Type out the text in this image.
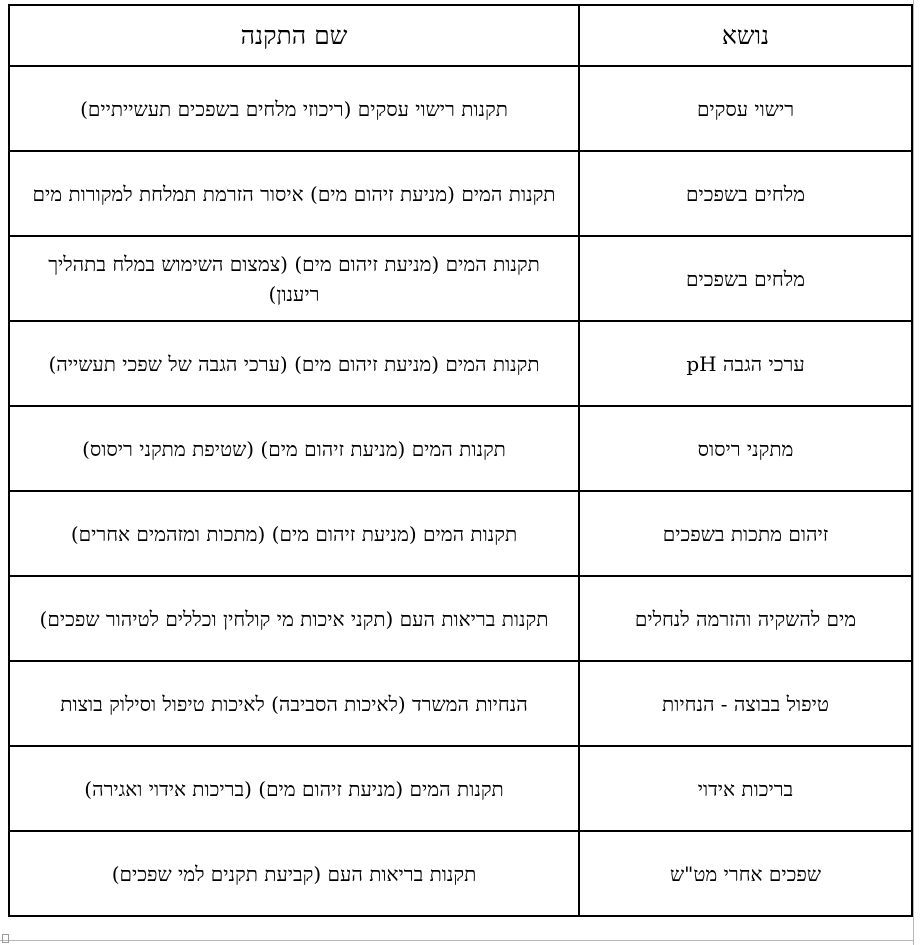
נושא	שם התקנה
רישוי עסקים	תקנות רישוי עסקים (ריכוזי מלחים בשפכים תעשייתיים)
מלחים בשפכים	תקנות המים (מניעת זיהום מים) איסור הזרמת תמלחת למקורות מים
מלחים בשפכים	תקנות המים (מניעת זיהום מים) (צמצום השימוש במלח בתהליך ריענון)
ערכי הגבה pH	תקנות המים (מניעת זיהום מים) (ערכי הגבה של שפכי תעשייה)
מתקני ריסוס	תקנות המים (מניעת זיהום מים) (שטיפת מתקני ריסוס)
זיהום מתכות בשפכים	תקנות המים (מניעת זיהום מים) (מתכות ומזהמים אחרים)
מים להשקיה והזרמה לנחלים	תקנות בריאות העם (תקני איכות מי קולחין וכללים לטיהור שפכים)
טיפול בבוצה - הנחיות	הנחיות המשרד (לאיכות הסביבה) לאיכות טיפול וסילוק בוצות
בריכות אידוי	תקנות המים (מניעת זיהום מים) (בריכות אידוי ואגירה)
שפכים אחרי מט"ש	תקנות בריאות העם (קביעת תקנים למי שפכים)
